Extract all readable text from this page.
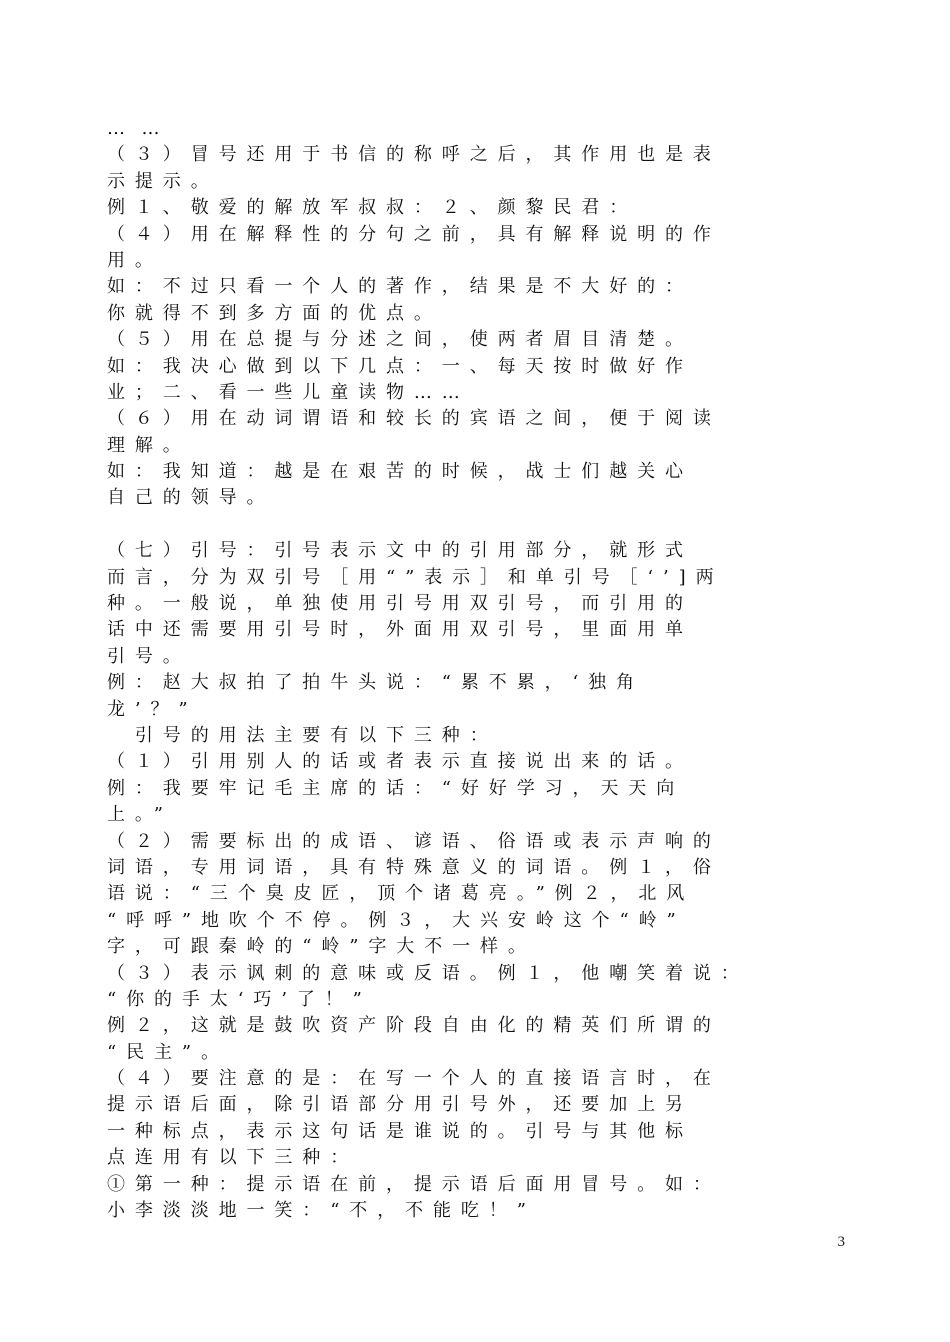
… …
（３）冒号还用于书信的称呼之后，其作用也是表
示提示。
例１、敬爱的解放军叔叔：２、颜黎民君：
（４）用在解释性的分句之前，具有解释说明的作
用。
如：不过只看一个人的著作，结果是不大好的：
你就得不到多方面的优点。
（５）用在总提与分述之间，使两者眉目清楚。
如：我决心做到以下几点：一、每天按时做好作
业；二、看一些儿童读物……
（６）用在动词谓语和较长的宾语之间，便于阅读
理解。
如：我知道：越是在艰苦的时候，战士们越关心
自己的领导。
（七）引号：引号表示文中的引用部分，就形式
而言，分为双引号［用“”表示］和单引号［‘’]两
种。一般说，单独使用引号用双引号，而引用的
话中还需要用引号时，外面用双引号，里面用单
引号。
例：赵大叔拍了拍牛头说：“累不累，‘独角
龙’？”
　引号的用法主要有以下三种：
（１）引用别人的话或者表示直接说出来的话。
例：我要牢记毛主席的话：“好好学习，天天向
上。”
（２）需要标出的成语、谚语、俗语或表示声响的
词语，专用词语，具有特殊意义的词语。例１，俗
语说：“三个臭皮匠，顶个诸葛亮。”例２，北风
“呼呼”地吹个不停。例３，大兴安岭这个“岭”
字，可跟秦岭的“岭”字大不一样。
（３）表示讽刺的意味或反语。例１，他嘲笑着说：
“你的手太‘巧’了！”
例２，这就是鼓吹资产阶段自由化的精英们所谓的
“民主”。
（４）要注意的是：在写一个人的直接语言时，在
提示语后面，除引语部分用引号外，还要加上另
一种标点，表示这句话是谁说的。引号与其他标
点连用有以下三种：
①第一种：提示语在前，提示语后面用冒号。如：
小李淡淡地一笑：“不，不能吃！”
3
